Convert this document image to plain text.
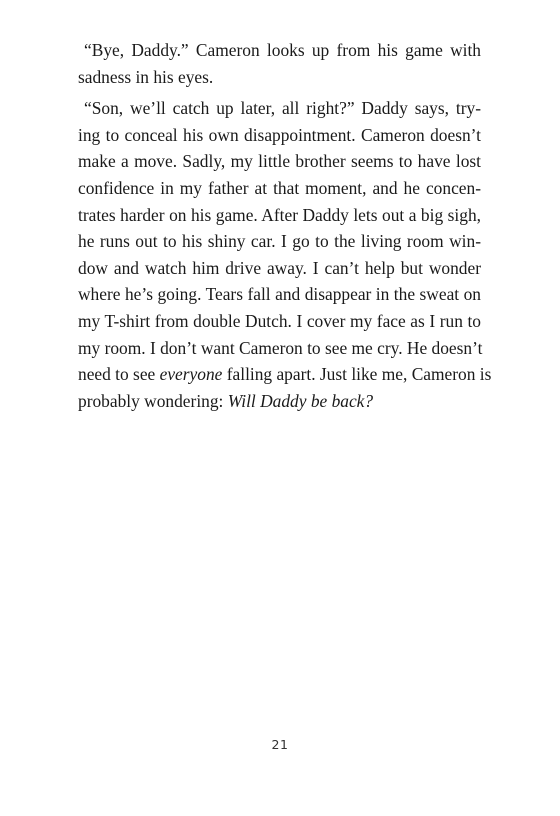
“Bye, Daddy.” Cameron looks up from his game with
sadness in his eyes.
“Son, we’ll catch up later, all right?” Daddy says, try-
ing to conceal his own disappointment. Cameron doesn’t
make a move. Sadly, my little brother seems to have lost
confidence in my father at that moment, and he concen-
trates harder on his game. After Daddy lets out a big sigh,
he runs out to his shiny car. I go to the living room win-
dow and watch him drive away. I can’t help but wonder
where he’s going. Tears fall and disappear in the sweat on
my T-shirt from double Dutch. I cover my face as I run to
my room. I don’t want Cameron to see me cry. He doesn’t
need to see everyone falling apart. Just like me, Cameron is
probably wondering: Will Daddy be back?
21
